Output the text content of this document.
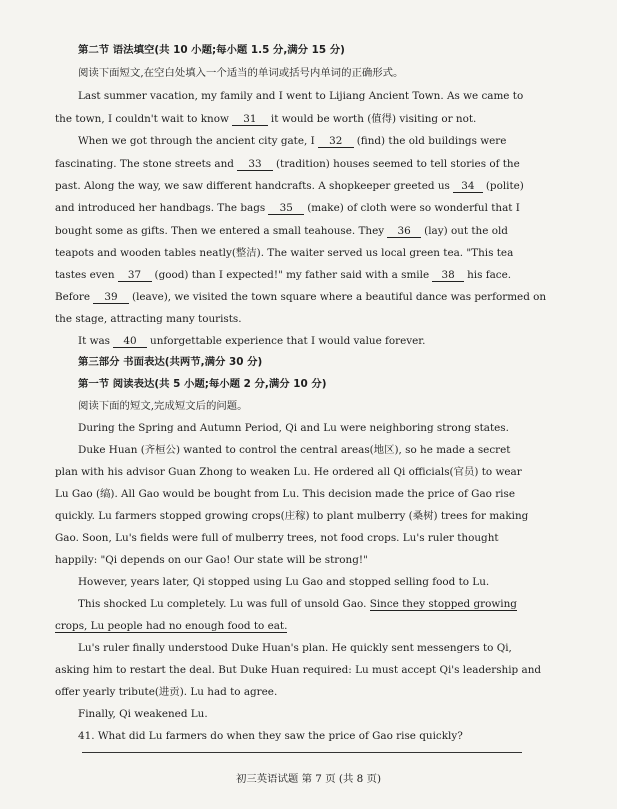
第二节 语法填空(共 10 小题;每小题 1.5 分,满分 15 分)
阅读下面短文,在空白处填入一个适当的单词或括号内单词的正确形式。
Last summer vacation, my family and I went to Lijiang Ancient Town. As we came to
the town, I couldn't wait to know 31 it would be worth (值得) visiting or not.
When we got through the ancient city gate, I 32 (find) the old buildings were
fascinating. The stone streets and 33 (tradition) houses seemed to tell stories of the
past. Along the way, we saw different handcrafts. A shopkeeper greeted us 34 (polite)
and introduced her handbags. The bags 35 (make) of cloth were so wonderful that I
bought some as gifts. Then we entered a small teahouse. They 36 (lay) out the old
teapots and wooden tables neatly(整洁). The waiter served us local green tea. "This tea
tastes even 37 (good) than I expected!" my father said with a smile 38 his face.
Before 39 (leave), we visited the town square where a beautiful dance was performed on
the stage, attracting many tourists.
It was 40 unforgettable experience that I would value forever.
第三部分 书面表达(共两节,满分 30 分)
第一节 阅读表达(共 5 小题;每小题 2 分,满分 10 分)
阅读下面的短文,完成短文后的问题。
During the Spring and Autumn Period, Qi and Lu were neighboring strong states.
Duke Huan (齐桓公) wanted to control the central areas(地区), so he made a secret
plan with his advisor Guan Zhong to weaken Lu. He ordered all Qi officials(官员) to wear
Lu Gao (缟). All Gao would be bought from Lu. This decision made the price of Gao rise
quickly. Lu farmers stopped growing crops(庄稼) to plant mulberry (桑树) trees for making
Gao. Soon, Lu's fields were full of mulberry trees, not food crops. Lu's ruler thought
happily: "Qi depends on our Gao! Our state will be strong!"
However, years later, Qi stopped using Lu Gao and stopped selling food to Lu.
This shocked Lu completely. Lu was full of unsold Gao. Since they stopped growing
crops, Lu people had no enough food to eat.
Lu's ruler finally understood Duke Huan's plan. He quickly sent messengers to Qi,
asking him to restart the deal. But Duke Huan required: Lu must accept Qi's leadership and
offer yearly tribute(进贡). Lu had to agree.
Finally, Qi weakened Lu.
41. What did Lu farmers do when they saw the price of Gao rise quickly?
初三英语试题 第 7 页 (共 8 页)
